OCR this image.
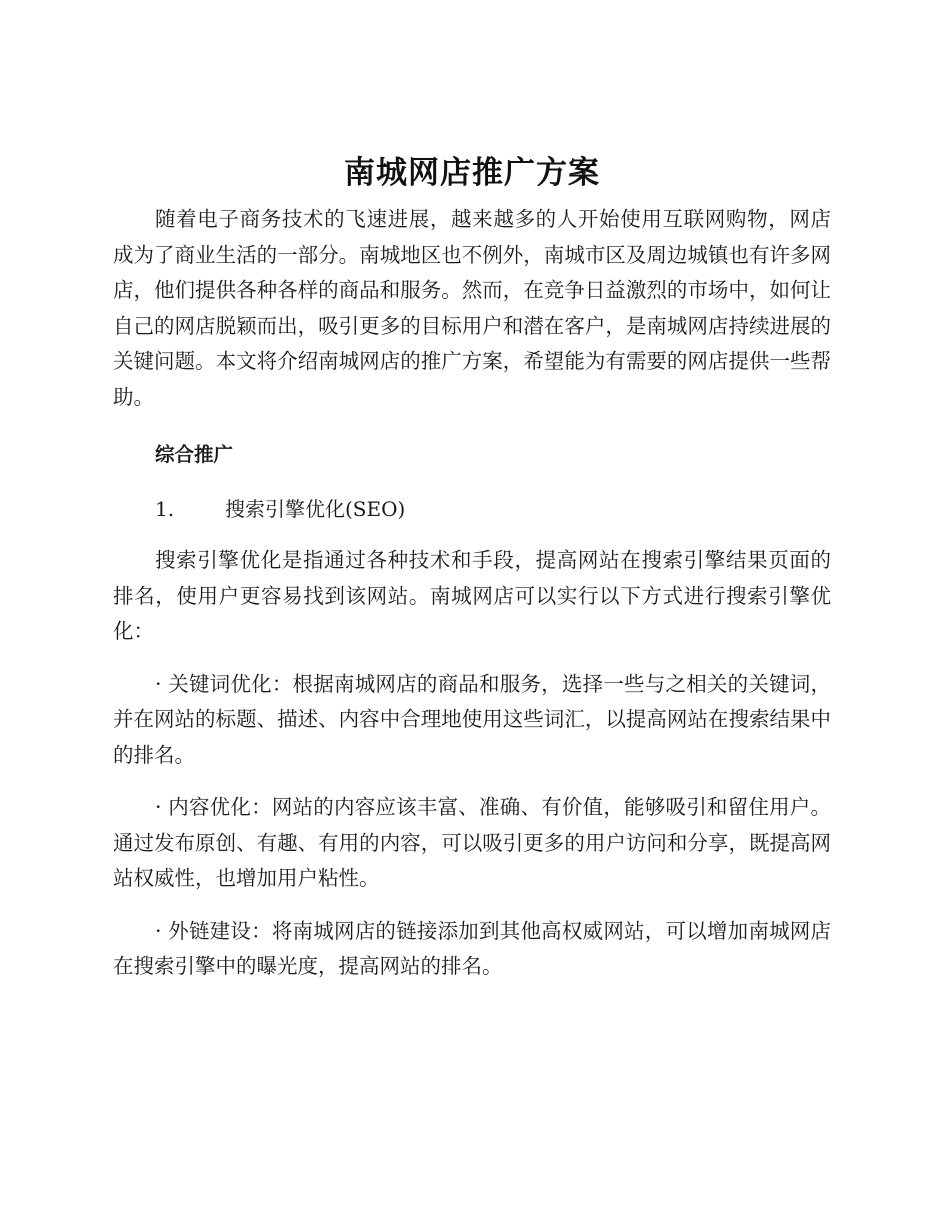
南城网店推广方案

随着电子商务技术的飞速进展，越来越多的人开始使用互联网购物，网店成为了商业生活的一部分。南城地区也不例外，南城市区及周边城镇也有许多网店，他们提供各种各样的商品和服务。然而，在竞争日益激烈的市场中，如何让自己的网店脱颖而出，吸引更多的目标用户和潜在客户，是南城网店持续进展的关键问题。本文将介绍南城网店的推广方案，希望能为有需要的网店提供一些帮助。

综合推广
1.	搜索引擎优化(SEO)

搜索引擎优化是指通过各种技术和手段，提高网站在搜索引擎结果页面的排名，使用户更容易找到该网站。南城网店可以实行以下方式进行搜索引擎优化：

· 关键词优化：根据南城网店的商品和服务，选择一些与之相关的关键词，并在网站的标题、描述、内容中合理地使用这些词汇，以提高网站在搜索结果中的排名。

· 内容优化：网站的内容应该丰富、准确、有价值，能够吸引和留住用户。通过发布原创、有趣、有用的内容，可以吸引更多的用户访问和分享，既提高网站权威性，也增加用户粘性。

· 外链建设：将南城网店的链接添加到其他高权威网站，可以增加南城网店在搜索引擎中的曝光度，提高网站的排名。
